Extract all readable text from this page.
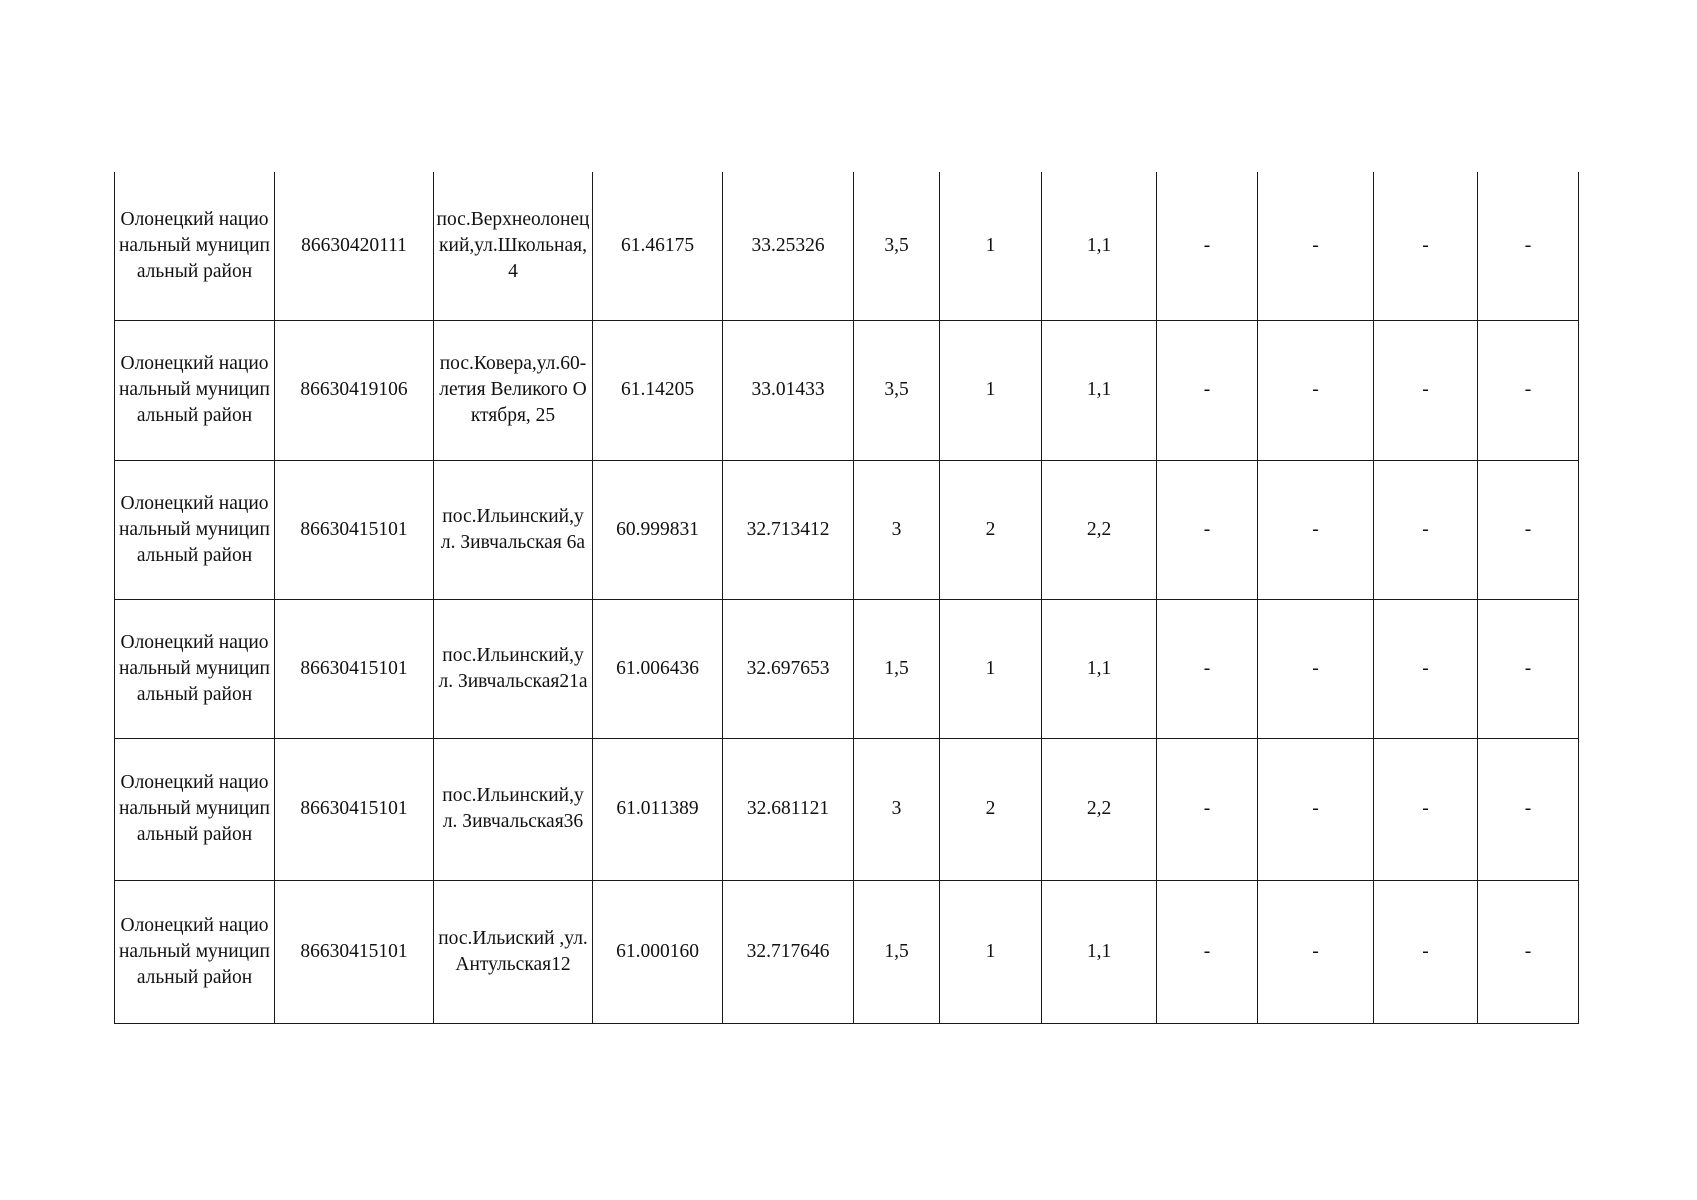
Олонецкий национальный муниципальный район	86630420111	пос.Верхнеолонецкий,ул.Школьная, 4	61.46175	33.25326	3,5	1	1,1	-	-	-	-
Олонецкий национальный муниципальный район	86630419106	пос.Ковера,ул.60-летия Великого Октября, 25	61.14205	33.01433	3,5	1	1,1	-	-	-	-
Олонецкий национальный муниципальный район	86630415101	пос.Ильинский,ул. Зивчальская 6а	60.999831	32.713412	3	2	2,2	-	-	-	-
Олонецкий национальный муниципальный район	86630415101	пос.Ильинский,ул. Зивчальская21а	61.006436	32.697653	1,5	1	1,1	-	-	-	-
Олонецкий национальный муниципальный район	86630415101	пос.Ильинский,ул. Зивчальская36	61.011389	32.681121	3	2	2,2	-	-	-	-
Олонецкий национальный муниципальный район	86630415101	пос.Ильиский ,ул. Антульская12	61.000160	32.717646	1,5	1	1,1	-	-	-	-
